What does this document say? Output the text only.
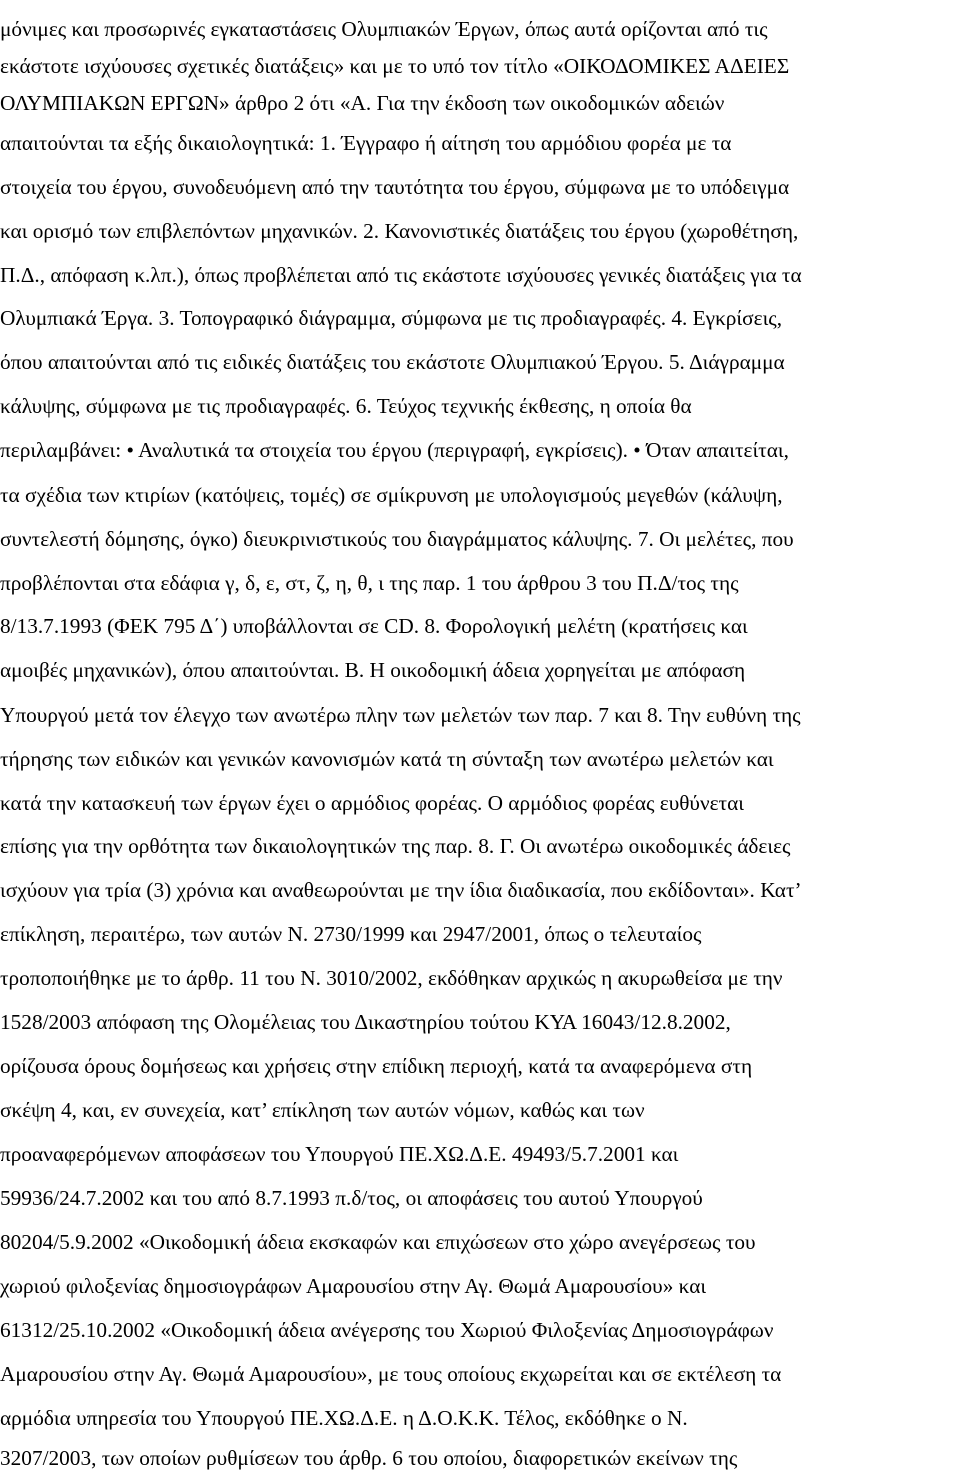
μόνιμες και προσωρινές εγκαταστάσεις Ολυμπιακών Έργων, όπως αυτά ορίζονται από τις
εκάστοτε ισχύουσες σχετικές διατάξεις» και με το υπό τον τίτλο «ΟΙΚΟΔΟΜΙΚΕΣ ΑΔΕΙΕΣ
ΟΛΥΜΠΙΑΚΩΝ ΕΡΓΩΝ» άρθρο 2 ότι «Α. Για την έκδοση των οικοδομικών αδειών
απαιτούνται τα εξής δικαιολογητικά: 1. Έγγραφο ή αίτηση του αρμόδιου φορέα με τα
στοιχεία του έργου, συνοδευόμενη από την ταυτότητα του έργου, σύμφωνα με το υπόδειγμα
και ορισμό των επιβλεπόντων μηχανικών. 2. Κανονιστικές διατάξεις του έργου (χωροθέτηση,
Π.Δ., απόφαση κ.λπ.), όπως προβλέπεται από τις εκάστοτε ισχύουσες γενικές διατάξεις για τα
Ολυμπιακά Έργα. 3. Τοπογραφικό διάγραμμα, σύμφωνα με τις προδιαγραφές. 4. Εγκρίσεις,
όπου απαιτούνται από τις ειδικές διατάξεις του εκάστοτε Ολυμπιακού Έργου. 5. Διάγραμμα
κάλυψης, σύμφωνα με τις προδιαγραφές. 6. Τεύχος τεχνικής έκθεσης, η οποία θα
περιλαμβάνει: • Αναλυτικά τα στοιχεία του έργου (περιγραφή, εγκρίσεις). • Όταν απαιτείται,
τα σχέδια των κτιρίων (κατόψεις, τομές) σε σμίκρυνση με υπολογισμούς μεγεθών (κάλυψη,
συντελεστή δόμησης, όγκο) διευκρινιστικούς του διαγράμματος κάλυψης. 7. Οι μελέτες, που
προβλέπονται στα εδάφια γ, δ, ε, στ, ζ, η, θ, ι της παρ. 1 του άρθρου 3 του Π.Δ/τος της
8/13.7.1993 (ΦΕΚ 795 Δ΄) υποβάλλονται σε CD. 8. Φορολογική μελέτη (κρατήσεις και
αμοιβές μηχανικών), όπου απαιτούνται. Β. Η οικοδομική άδεια χορηγείται με απόφαση
Υπουργού μετά τον έλεγχο των ανωτέρω πλην των μελετών των παρ. 7 και 8. Την ευθύνη της
τήρησης των ειδικών και γενικών κανονισμών κατά τη σύνταξη των ανωτέρω μελετών και
κατά την κατασκευή των έργων έχει ο αρμόδιος φορέας. Ο αρμόδιος φορέας ευθύνεται
επίσης για την ορθότητα των δικαιολογητικών της παρ. 8. Γ. Οι ανωτέρω οικοδομικές άδειες
ισχύουν για τρία (3) χρόνια και αναθεωρούνται με την ίδια διαδικασία, που εκδίδονται». Κατ’
επίκληση, περαιτέρω, των αυτών Ν. 2730/1999 και 2947/2001, όπως ο τελευταίος
τροποποιήθηκε με το άρθρ. 11 του Ν. 3010/2002, εκδόθηκαν αρχικώς η ακυρωθείσα με την
1528/2003 απόφαση της Ολομέλειας του Δικαστηρίου τούτου ΚΥΑ 16043/12.8.2002,
ορίζουσα όρους δομήσεως και χρήσεις στην επίδικη περιοχή, κατά τα αναφερόμενα στη
σκέψη 4, και, εν συνεχεία, κατ’ επίκληση των αυτών νόμων, καθώς και των
προαναφερόμενων αποφάσεων του Υπουργού ΠΕ.ΧΩ.Δ.Ε. 49493/5.7.2001 και
59936/24.7.2002 και του από 8.7.1993 π.δ/τος, οι αποφάσεις του αυτού Υπουργού
80204/5.9.2002 «Οικοδομική άδεια εκσκαφών και επιχώσεων στο χώρο ανεγέρσεως του
χωριού φιλοξενίας δημοσιογράφων Αμαρουσίου στην Αγ. Θωμά Αμαρουσίου» και
61312/25.10.2002 «Οικοδομική άδεια ανέγερσης του Χωριού Φιλοξενίας Δημοσιογράφων
Αμαρουσίου στην Αγ. Θωμά Αμαρουσίου», με τους οποίους εκχωρείται και σε εκτέλεση τα
αρμόδια υπηρεσία του Υπουργού ΠΕ.ΧΩ.Δ.Ε. η Δ.Ο.Κ.Κ. Τέλος, εκδόθηκε ο Ν.
3207/2003, των οποίων ρυθμίσεων του άρθρ. 6 του οποίου, διαφορετικών εκείνων της
